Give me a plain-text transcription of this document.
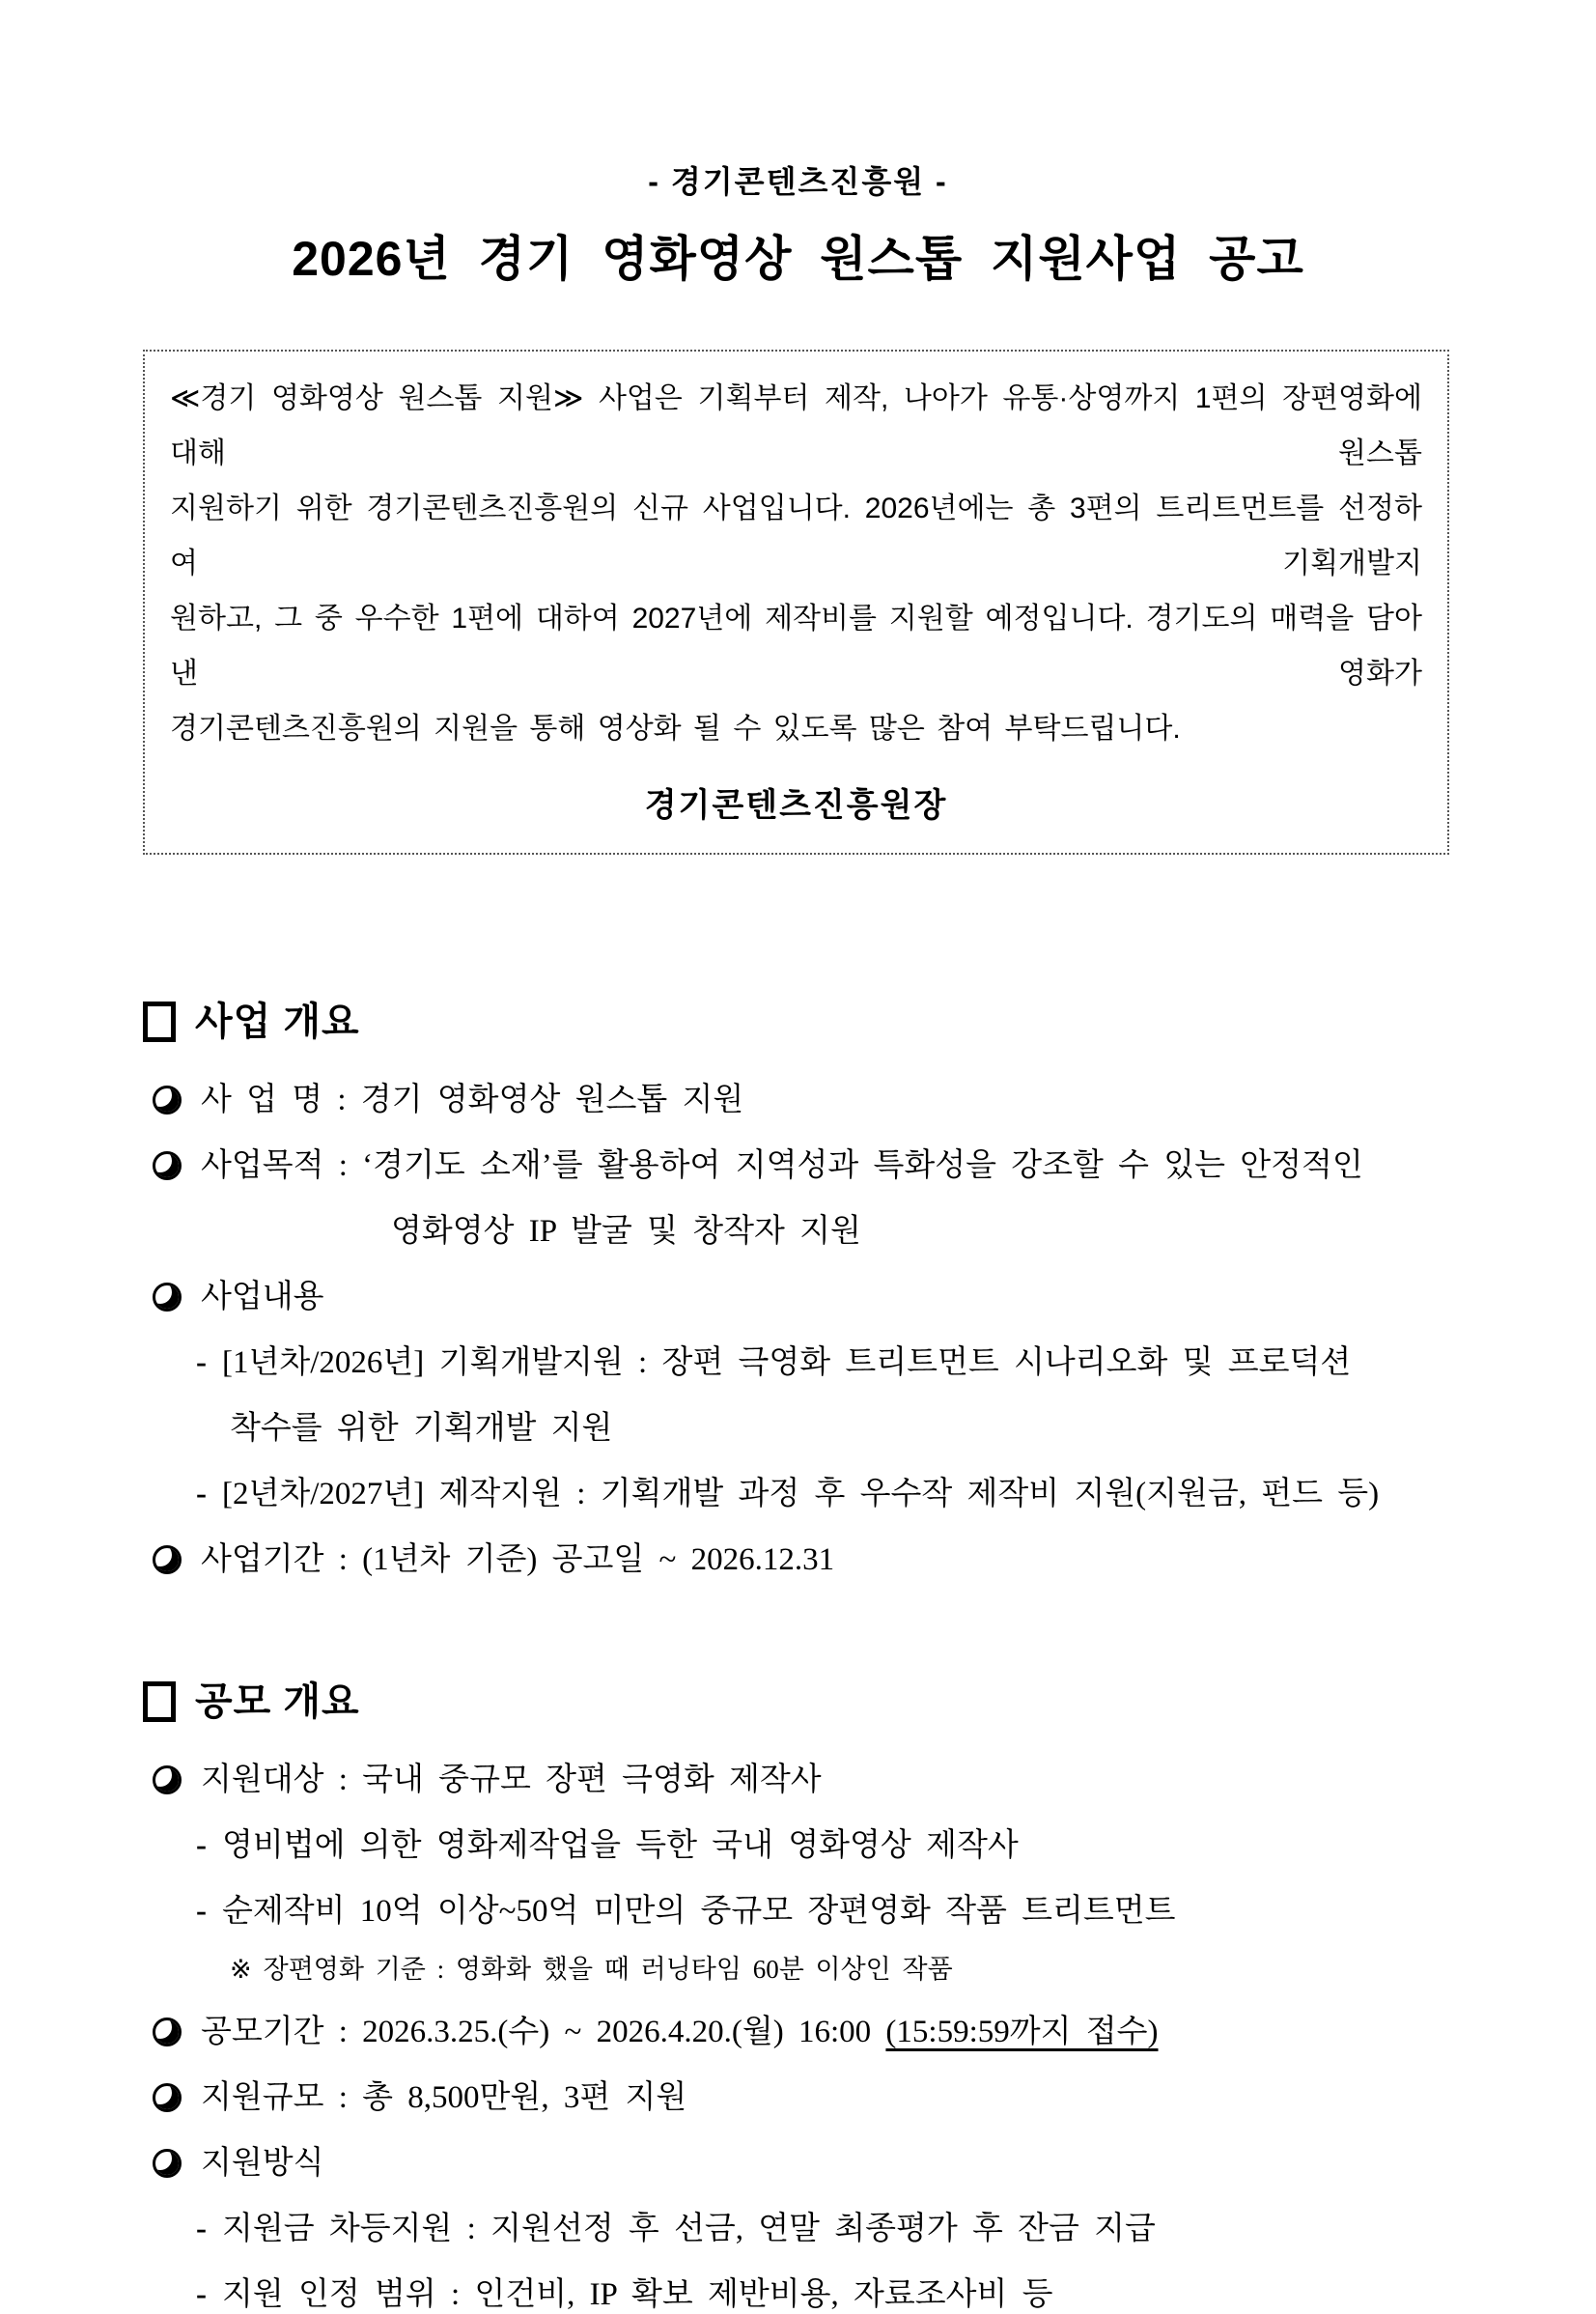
- 경기콘텐츠진흥원 -
2026년 경기 영화영상 원스톱 지원사업 공고

≪경기 영화영상 원스톱 지원≫ 사업은 기획부터 제작, 나아가 유통·상영까지 1편의 장편영화에 대해 원스톱

지원하기 위한 경기콘텐츠진흥원의 신규 사업입니다. 2026년에는 총 3편의 트리트먼트를 선정하여 기획개발지

원하고, 그 중 우수한 1편에 대하여 2027년에 제작비를 지원할 예정입니다. 경기도의 매력을 담아낸 영화가

경기콘텐츠진흥원의 지원을 통해 영상화 될 수 있도록 많은 참여 부탁드립니다.

경기콘텐츠진흥원장
사업 개요
사 업 명 : 경기 영화영상 원스톱 지원
사업목적 : ‘경기도 소재’를 활용하여 지역성과 특화성을 강조할 수 있는 안정적인
영화영상 IP 발굴 및 창작자 지원
사업내용
- [1년차/2026년] 기획개발지원 : 장편 극영화 트리트먼트 시나리오화 및 프로덕션
착수를 위한 기획개발 지원
- [2년차/2027년] 제작지원 : 기획개발 과정 후 우수작 제작비 지원(지원금, 펀드 등)
사업기간 : (1년차 기준) 공고일 ~ 2026.12.31
공모 개요
지원대상 : 국내 중규모 장편 극영화 제작사
- 영비법에 의한 영화제작업을 득한 국내 영화영상 제작사
- 순제작비 10억 이상~50억 미만의 중규모 장편영화 작품 트리트먼트
※ 장편영화 기준 : 영화화 했을 때 러닝타임 60분 이상인 작품
공모기간 : 2026.3.25.(수) ~ 2026.4.20.(월) 16:00 (15:59:59까지 접수)
지원규모 : 총 8,500만원, 3편 지원
지원방식
- 지원금 차등지원 : 지원선정 후 선금, 연말 최종평가 후 잔금 지급
- 지원 인정 범위 : 인건비, IP 확보 제반비용, 자료조사비 등
